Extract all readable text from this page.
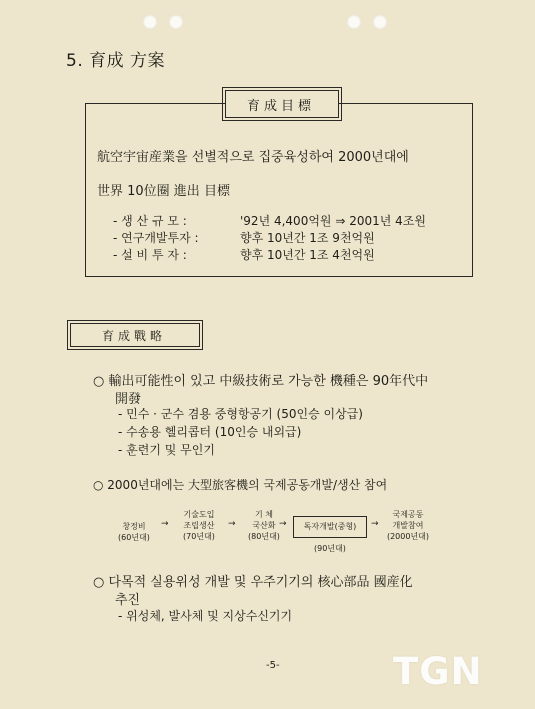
5. 育成 方案
育成目標
航空宇宙産業을 선별적으로 집중육성하여 2000년대에
世界 10位圈 進出 目標
- 생 산 규 모 :	'92년 4,400억원 ⇒ 2001년 4조원
- 연구개발투자 :	향후 10년간 1조 9천억원
- 설 비 투 자 :	향후 10년간 1조 4천억원
育成戰略
○ 輸出可能性이 있고 中級技術로 가능한 機種은 90年代中
開發
- 민수 · 군수 겸용 중형항공기 (50인승 이상급)
- 수송용 헬리콥터 (10인승 내외급)
- 훈련기 및 무인기
○ 2000년대에는 大型旅客機의 국제공동개발/생산 참여
창정비
(60년대)
→
기술도입
조립생산
(70년대)
→
기 체
국산화
(80년대)
→	독자개발(중형)
(90년대)
→
국제공동
개발참여
(2000년대)
○ 다목적 실용위성 개발 및 우주기기의 核心部品 國産化
추진
- 위성체, 발사체 및 지상수신기기
-5-	TGN
